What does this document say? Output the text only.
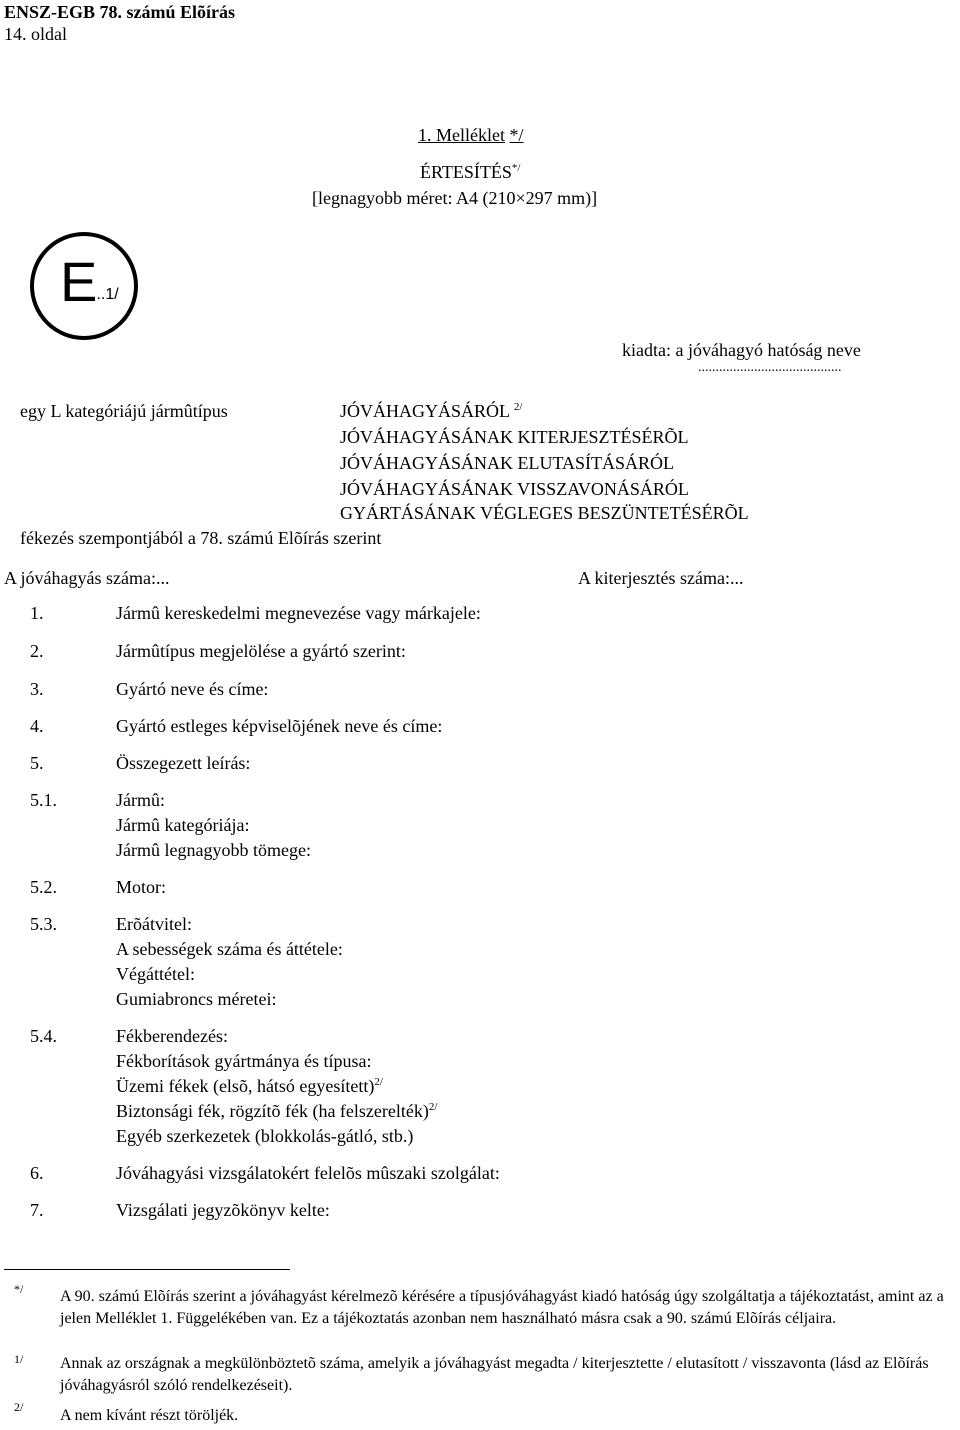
ENSZ-EGB 78. számú Elõírás
14. oldal
1. Melléklet */
ÉRTESÍTÉS*/
[legnagyobb méret: A4 (210×297 mm)]
E
...1/
kiadta: a jóváhagyó hatóság neve
.........................................
egy L kategóriájú jármûtípus	JÓVÁHAGYÁSÁRÓL $^{2/}$
JÓVÁHAGYÁSÁNAK KITERJESZTÉSÉRÕL
JÓVÁHAGYÁSÁNAK ELUTASÍTÁSÁRÓL
JÓVÁHAGYÁSÁNAK VISSZAVONÁSÁRÓL
GYÁRTÁSÁNAK VÉGLEGES BESZÜNTETÉSÉRÕL
fékezés szempontjából a 78. számú Elõírás szerint
A jóváhagyás száma:...	A kiterjesztés száma:...
1.	Jármû kereskedelmi megnevezése vagy márkajele:
2.	Jármûtípus megjelölése a gyártó szerint:
3.	Gyártó neve és címe:
4.	Gyártó estleges képviselõjének neve és címe:
5.	Összegezett leírás:
5.1.	Jármû:
Jármû kategóriája:
Jármû legnagyobb tömege:
5.2.	Motor:
5.3.	Erõátvitel:
A sebességek száma és áttétele:
Végáttétel:
Gumiabroncs méretei:
5.4.	Fékberendezés:
Fékborítások gyártmánya és típusa:
Üzemi fékek (elsõ, hátsó egyesített)$^{2/}$
Biztonsági fék, rögzítõ fék (ha felszerelték)$^{2/}$
Egyéb szerkezetek (blokkolás-gátló, stb.)
6.	Jóváhagyási vizsgálatokért felelõs mûszaki szolgálat:
7.	Vizsgálati jegyzõkönyv kelte:
*/ A 90. számú Elõírás szerint a jóváhagyást kérelmezõ kérésére a típusjóváhagyást kiadó hatóság úgy szolgáltatja a tájékoztatást, amint az a jelen Melléklet 1. Függelékében van. Ez a tájékoztatás azonban nem használható másra csak a 90. számú Elõírás céljaira.
1/ Annak az országnak a megkülönböztetõ száma, amelyik a jóváhagyást megadta / kiterjesztette / elutasított / visszavonta (lásd az Elõírás jóváhagyásról szóló rendelkezéseit).
2/ A nem kívánt részt töröljék.
